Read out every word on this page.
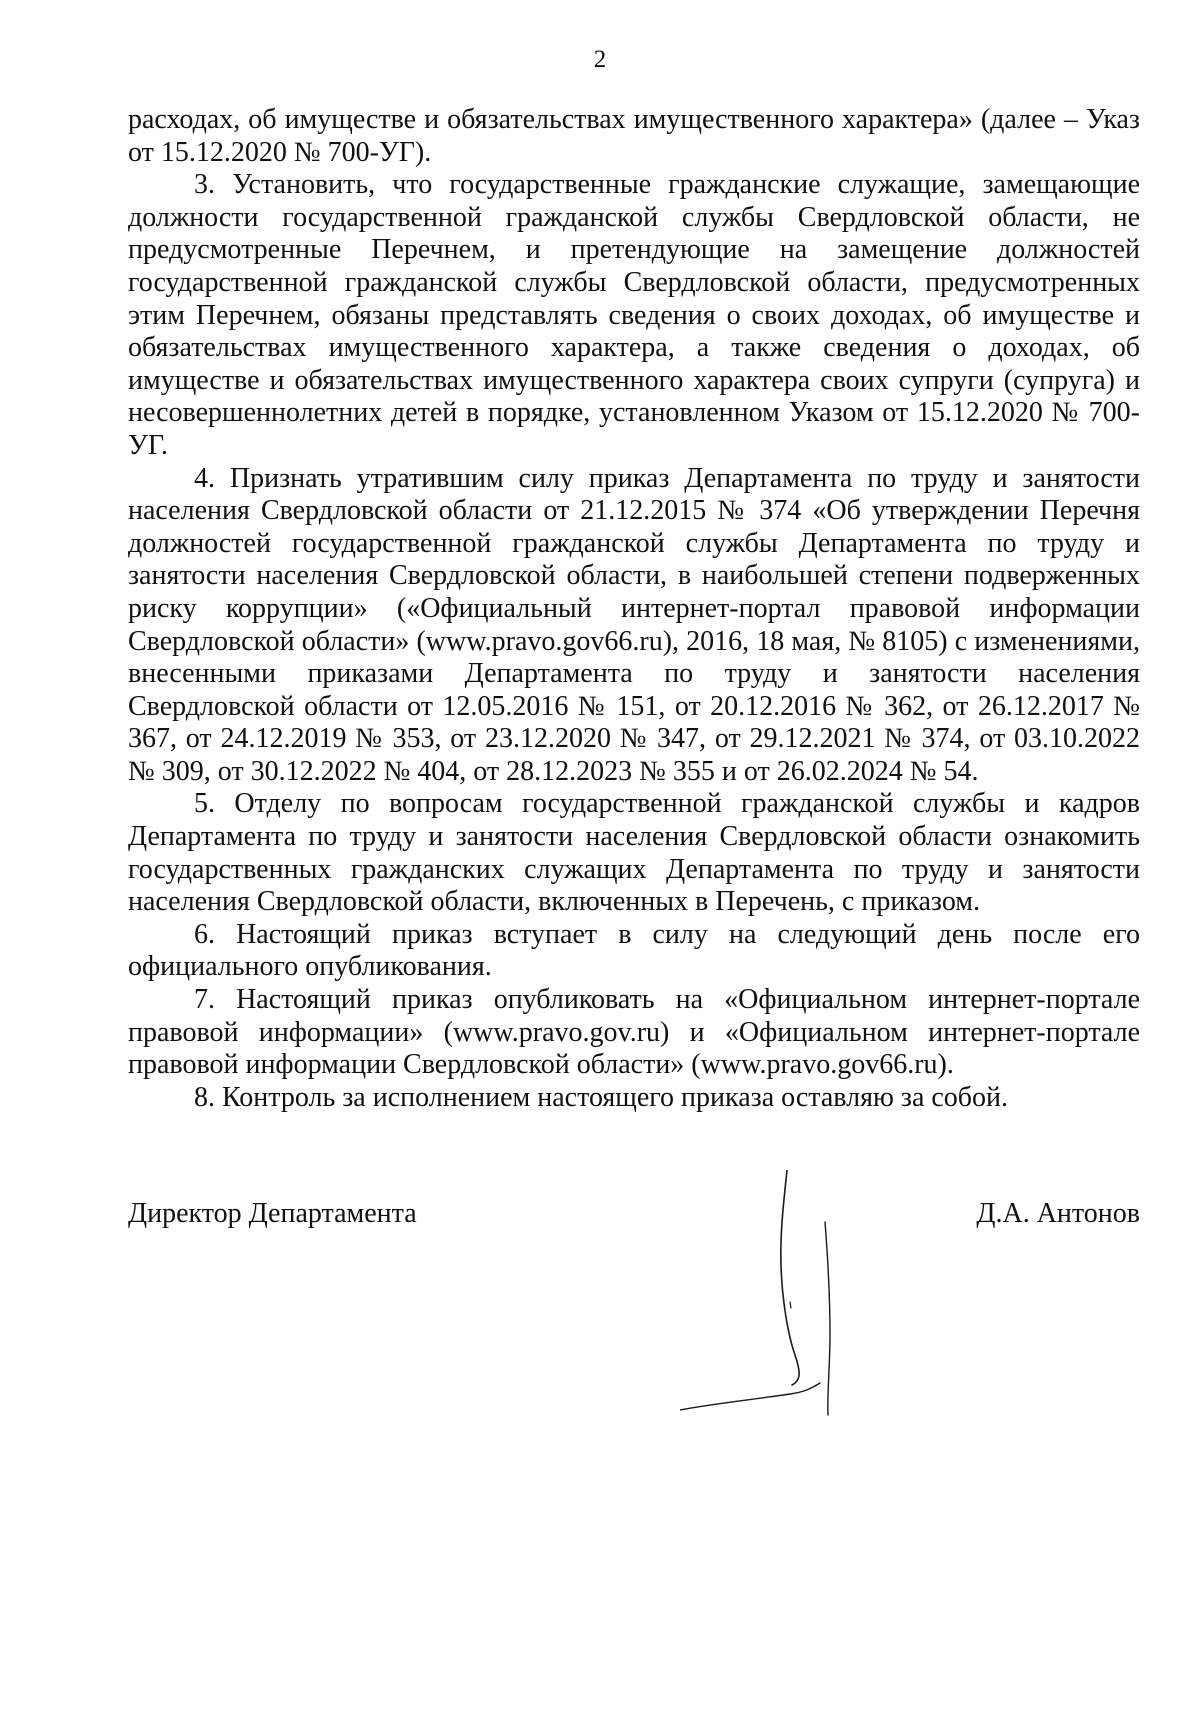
2

расходах, об имуществе и обязательствах имущественного характера» (далее – Указ от 15.12.2020 № 700-УГ).

3. Установить, что государственные гражданские служащие, замещающие должности государственной гражданской службы Свердловской области, не предусмотренные Перечнем, и претендующие на замещение должностей государственной гражданской службы Свердловской области, предусмотренных этим Перечнем, обязаны представлять сведения о своих доходах, об имуществе и обязательствах имущественного характера, а также сведения о доходах, об имуществе и обязательствах имущественного характера своих супруги (супруга) и несовершеннолетних детей в порядке, установленном Указом от 15.12.2020 № 700-УГ.

4. Признать утратившим силу приказ Департамента по труду и занятости населения Свердловской области от 21.12.2015 № 374 «Об утверждении Перечня должностей государственной гражданской службы Департамента по труду и занятости населения Свердловской области, в наибольшей степени подверженных риску коррупции» («Официальный интернет-портал правовой информации Свердловской области» (www.pravo.gov66.ru), 2016, 18 мая, № 8105) с изменениями, внесенными приказами Департамента по труду и занятости населения Свердловской области от 12.05.2016 № 151, от 20.12.2016 № 362, от 26.12.2017 № 367, от 24.12.2019 № 353, от 23.12.2020 № 347, от 29.12.2021 № 374, от 03.10.2022 № 309, от 30.12.2022 № 404, от 28.12.2023 № 355 и от 26.02.2024 № 54.

5. Отделу по вопросам государственной гражданской службы и кадров Департамента по труду и занятости населения Свердловской области ознакомить государственных гражданских служащих Департамента по труду и занятости населения Свердловской области, включенных в Перечень, с приказом.

6. Настоящий приказ вступает в силу на следующий день после его официального опубликования.

7. Настоящий приказ опубликовать на «Официальном интернет-портале правовой информации» (www.pravo.gov.ru) и «Официальном интернет-портале правовой информации Свердловской области» (www.pravo.gov66.ru).

8. Контроль за исполнением настоящего приказа оставляю за собой.

Директор Департамента	Д.А. Антонов
